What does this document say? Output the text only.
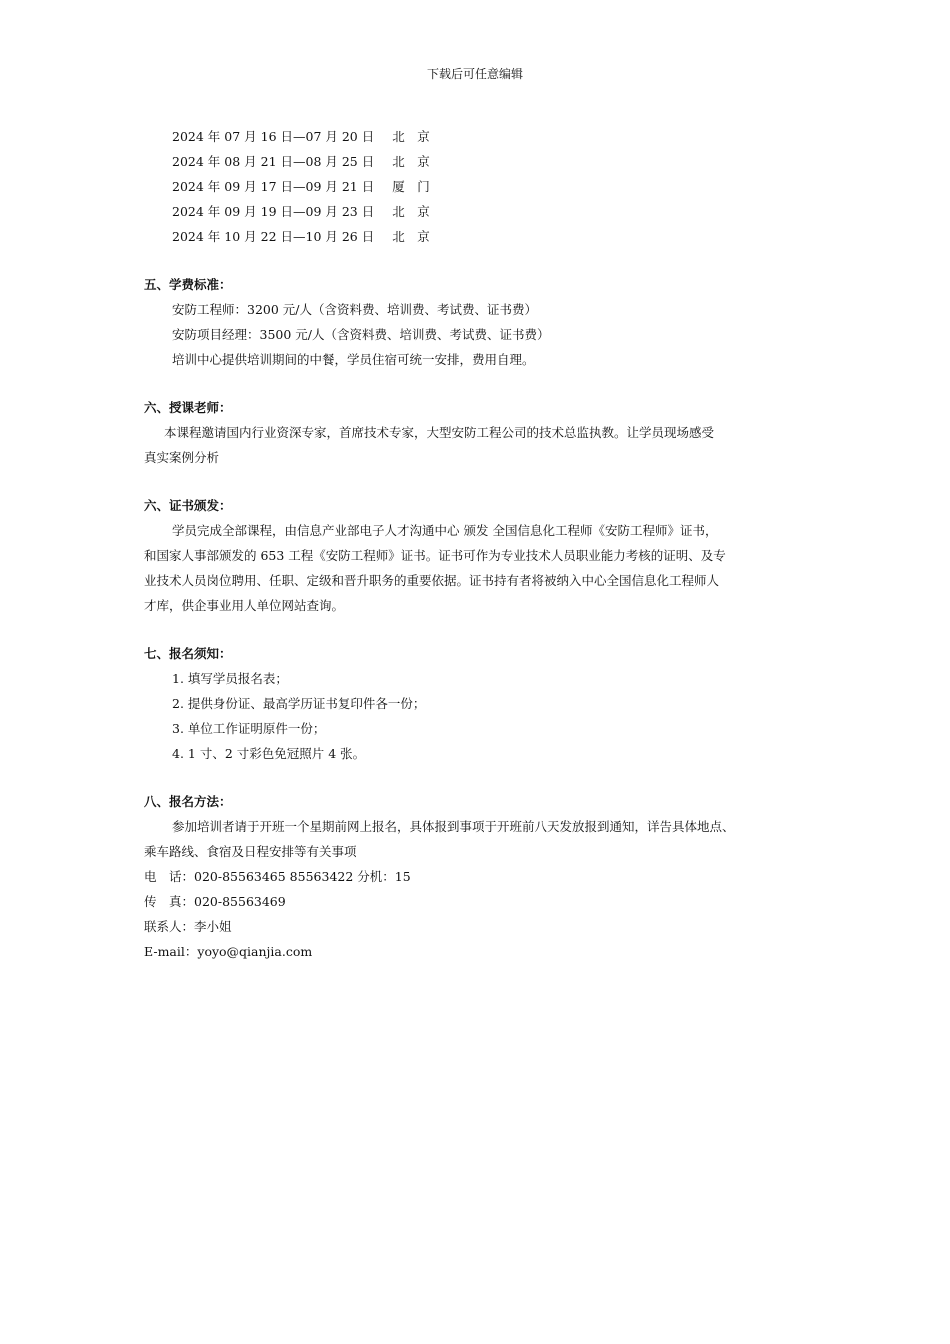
下载后可任意编辑
2024 年 07 月 16 日—07 月 20 日 北　京
2024 年 08 月 21 日—08 月 25 日 北　京
2024 年 09 月 17 日—09 月 21 日 厦　门
2024 年 09 月 19 日—09 月 23 日 北　京
2024 年 10 月 22 日—10 月 26 日 北　京
五、学费标准：
安防工程师：3200 元/人（含资料费、培训费、考试费、证书费）
安防项目经理：3500 元/人（含资料费、培训费、考试费、证书费）
培训中心提供培训期间的中餐，学员住宿可统一安排，费用自理。
六、授课老师：
本课程邀请国内行业资深专家，首席技术专家，大型安防工程公司的技术总监执教。让学员现场感受
真实案例分析
六、证书颁发：
学员完成全部课程，由信息产业部电子人才沟通中心 颁发 全国信息化工程师《安防工程师》证书，
和国家人事部颁发的 653 工程《安防工程师》证书。证书可作为专业技术人员职业能力考核的证明、及专
业技术人员岗位聘用、任职、定级和晋升职务的重要依据。证书持有者将被纳入中心全国信息化工程师人
才库，供企事业用人单位网站查询。
七、报名须知：
1. 填写学员报名表；
2. 提供身份证、最高学历证书复印件各一份；
3. 单位工作证明原件一份；
4. 1 寸、2 寸彩色免冠照片 4 张。
八、报名方法：
参加培训者请于开班一个星期前网上报名，具体报到事项于开班前八天发放报到通知，详告具体地点、
乘车路线、食宿及日程安排等有关事项
电　话：020-85563465 85563422 分机：15
传　真：020-85563469
联系人：李小姐
E-mail：yoyo@qianjia.com
